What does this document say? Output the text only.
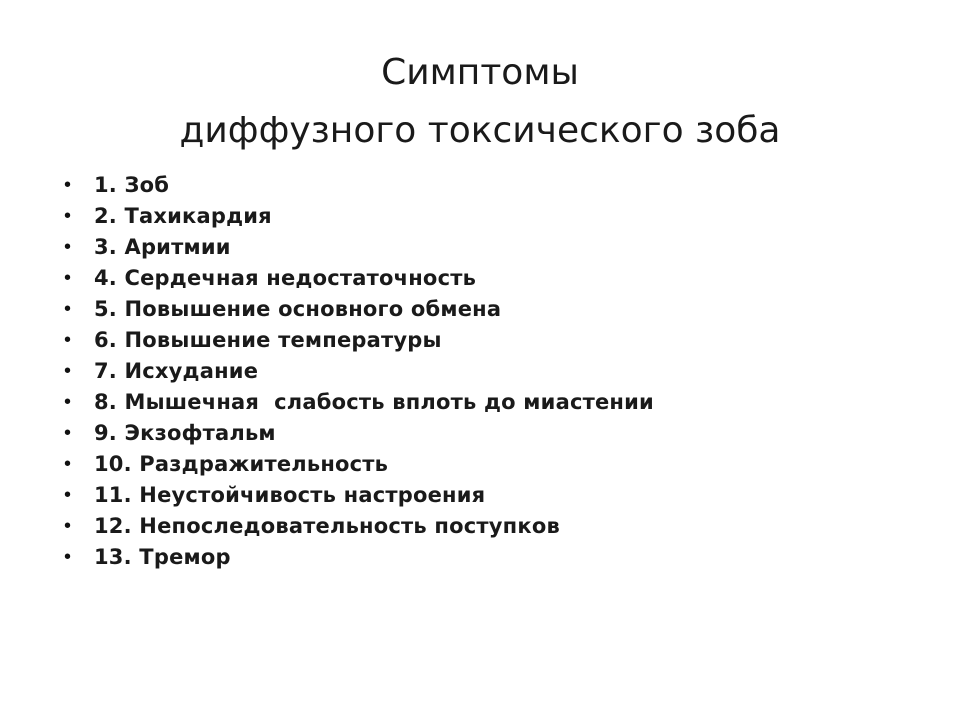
Симптомы
диффузного токсического зоба
•	1. Зоб
•	2. Тахикардия
•	3. Аритмии
•	4. Сердечная недостаточность
•	5. Повышение основного обмена
•	6. Повышение температуры
•	7. Исхудание
•	8. Мышечная  слабость вплоть до миастении
•	9. Экзофтальм
•	10. Раздражительность
•	11. Неустойчивость настроения
•	12. Непоследовательность поступков
•	13. Тремор
